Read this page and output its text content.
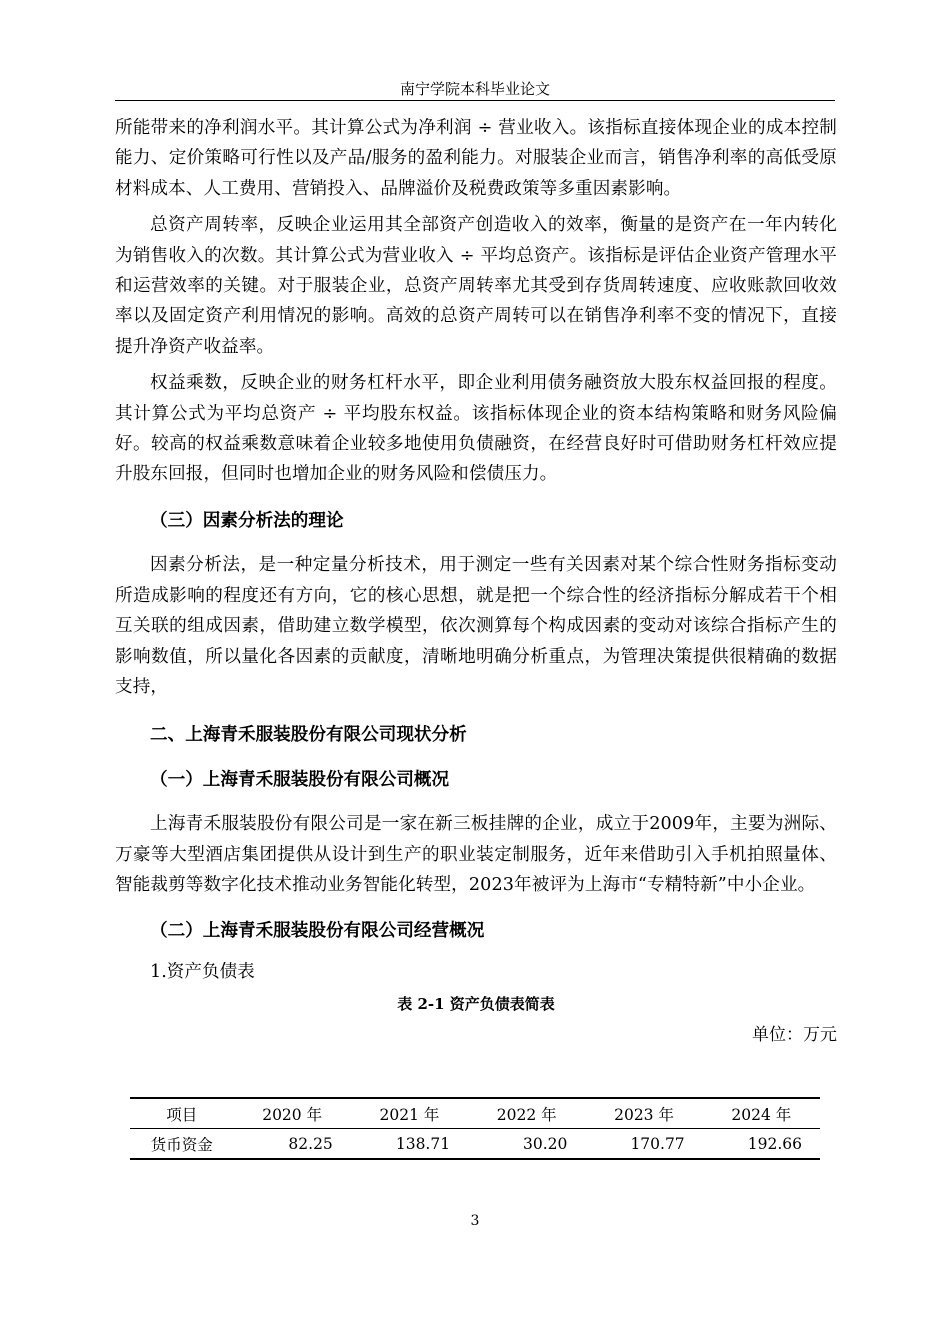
南宁学院本科毕业论文

所能带来的净利润水平。其计算公式为净利润 ÷ 营业收入。该指标直接体现企业的成本控制能力、定价策略可行性以及产品/服务的盈利能力。对服装企业而言，销售净利率的高低受原材料成本、人工费用、营销投入、品牌溢价及税费政策等多重因素影响。

总资产周转率，反映企业运用其全部资产创造收入的效率，衡量的是资产在一年内转化为销售收入的次数。其计算公式为营业收入 ÷ 平均总资产。该指标是评估企业资产管理水平和运营效率的关键。对于服装企业，总资产周转率尤其受到存货周转速度、应收账款回收效率以及固定资产利用情况的影响。高效的总资产周转可以在销售净利率不变的情况下，直接提升净资产收益率。

权益乘数，反映企业的财务杠杆水平，即企业利用债务融资放大股东权益回报的程度。其计算公式为平均总资产 ÷ 平均股东权益。该指标体现企业的资本结构策略和财务风险偏好。较高的权益乘数意味着企业较多地使用负债融资，在经营良好时可借助财务杠杆效应提升股东回报，但同时也增加企业的财务风险和偿债压力。

（三）因素分析法的理论

因素分析法，是一种定量分析技术，用于测定一些有关因素对某个综合性财务指标变动所造成影响的程度还有方向，它的核心思想，就是把一个综合性的经济指标分解成若干个相互关联的组成因素，借助建立数学模型，依次测算每个构成因素的变动对该综合指标产生的影响数值，所以量化各因素的贡献度，清晰地明确分析重点，为管理决策提供很精确的数据支持，

二、上海青禾服装股份有限公司现状分析

（一）上海青禾服装股份有限公司概况

上海青禾服装股份有限公司是一家在新三板挂牌的企业，成立于2009年，主要为洲际、万豪等大型酒店集团提供从设计到生产的职业装定制服务，近年来借助引入手机拍照量体、智能裁剪等数字化技术推动业务智能化转型，2023年被评为上海市“专精特新”中小企业。

（二）上海青禾服装股份有限公司经营概况

1.资产负债表

表 2-1 资产负债表简表

单位：万元

项目	2020 年	2021 年	2022 年	2023 年	2024 年
货币资金	82.25	138.71	30.20	170.77	192.66
3
